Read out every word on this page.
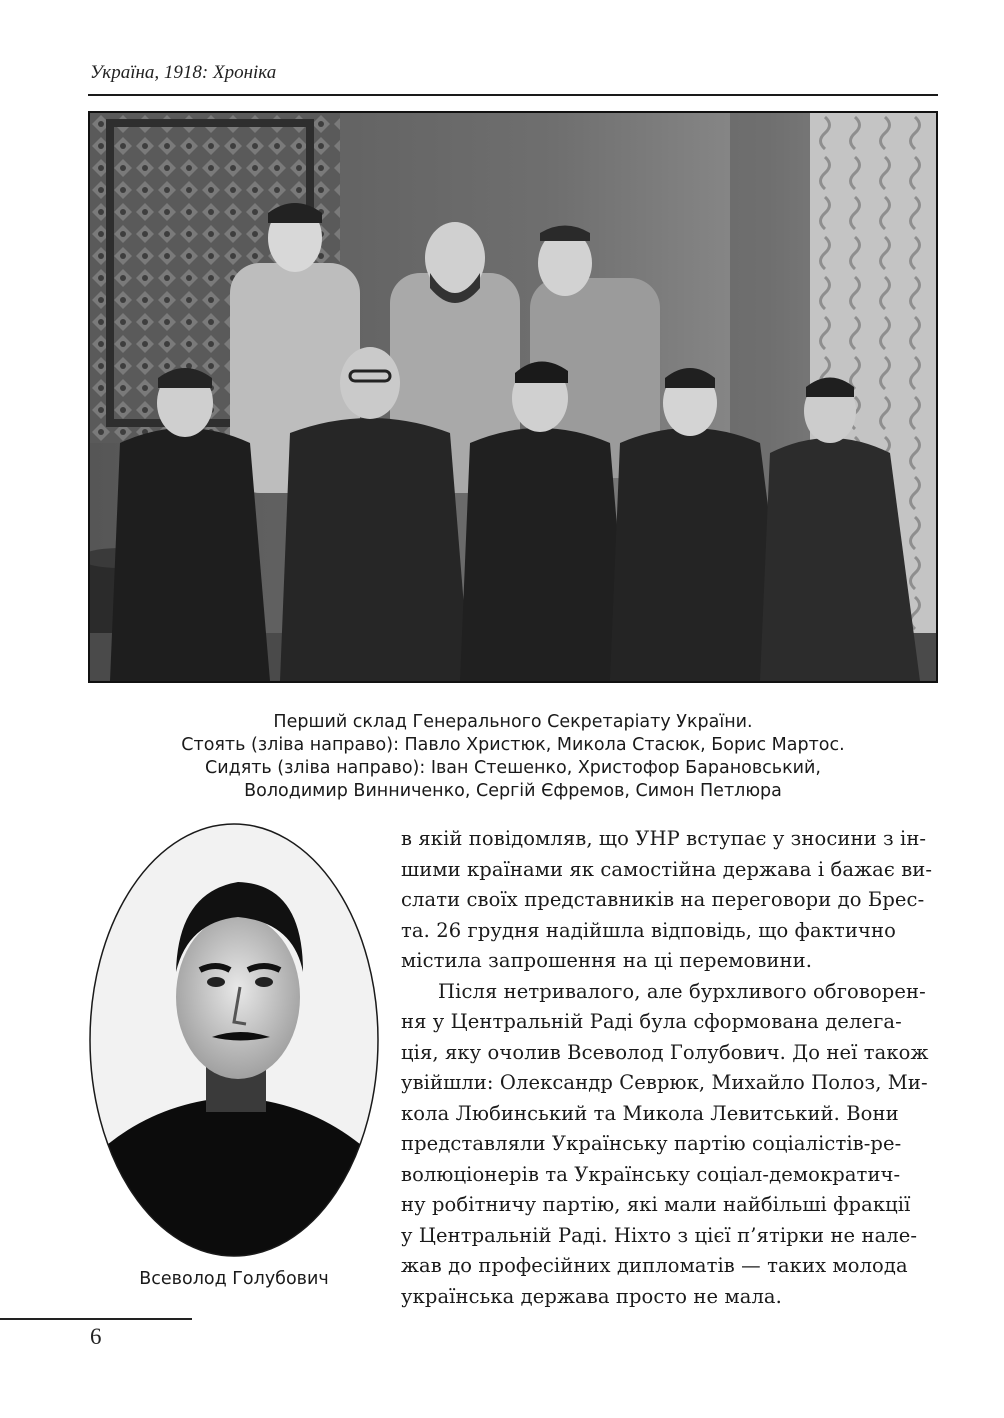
Україна, 1918: Хроніка
Перший склад Генерального Секретаріату України.
Стоять (зліва направо): Павло Христюк, Микола Стасюк, Борис Мартос.
Сидять (зліва направо): Іван Стешенко, Христофор Барановський,
Володимир Винниченко, Сергій Єфремов, Симон Петлюра
Всеволод Голубович
в якій повідомляв, що УНР вступає у зносини з ін-
шими країнами як самостійна держава і бажає ви-
слати своїх представників на переговори до Брес-
та. 26 грудня надійшла відповідь, що фактично
містила запрошення на ці перемовини.
Після нетривалого, але бурхливого обговорен-
ня у Центральній Раді була сформована делега-
ція, яку очолив Всеволод Голубович. До неї також
увійшли: Олександр Севрюк, Михайло Полоз, Ми-
кола Любинський та Микола Левитський. Вони
представляли Українську партію соціалістів-ре-
волюціонерів та Українську соціал-демократич-
ну робітничу партію, які мали найбільші фракції
у Центральній Раді. Ніхто з цієї п’ятірки не нале-
жав до професійних дипломатів — таких молода
українська держава просто не мала.
6
